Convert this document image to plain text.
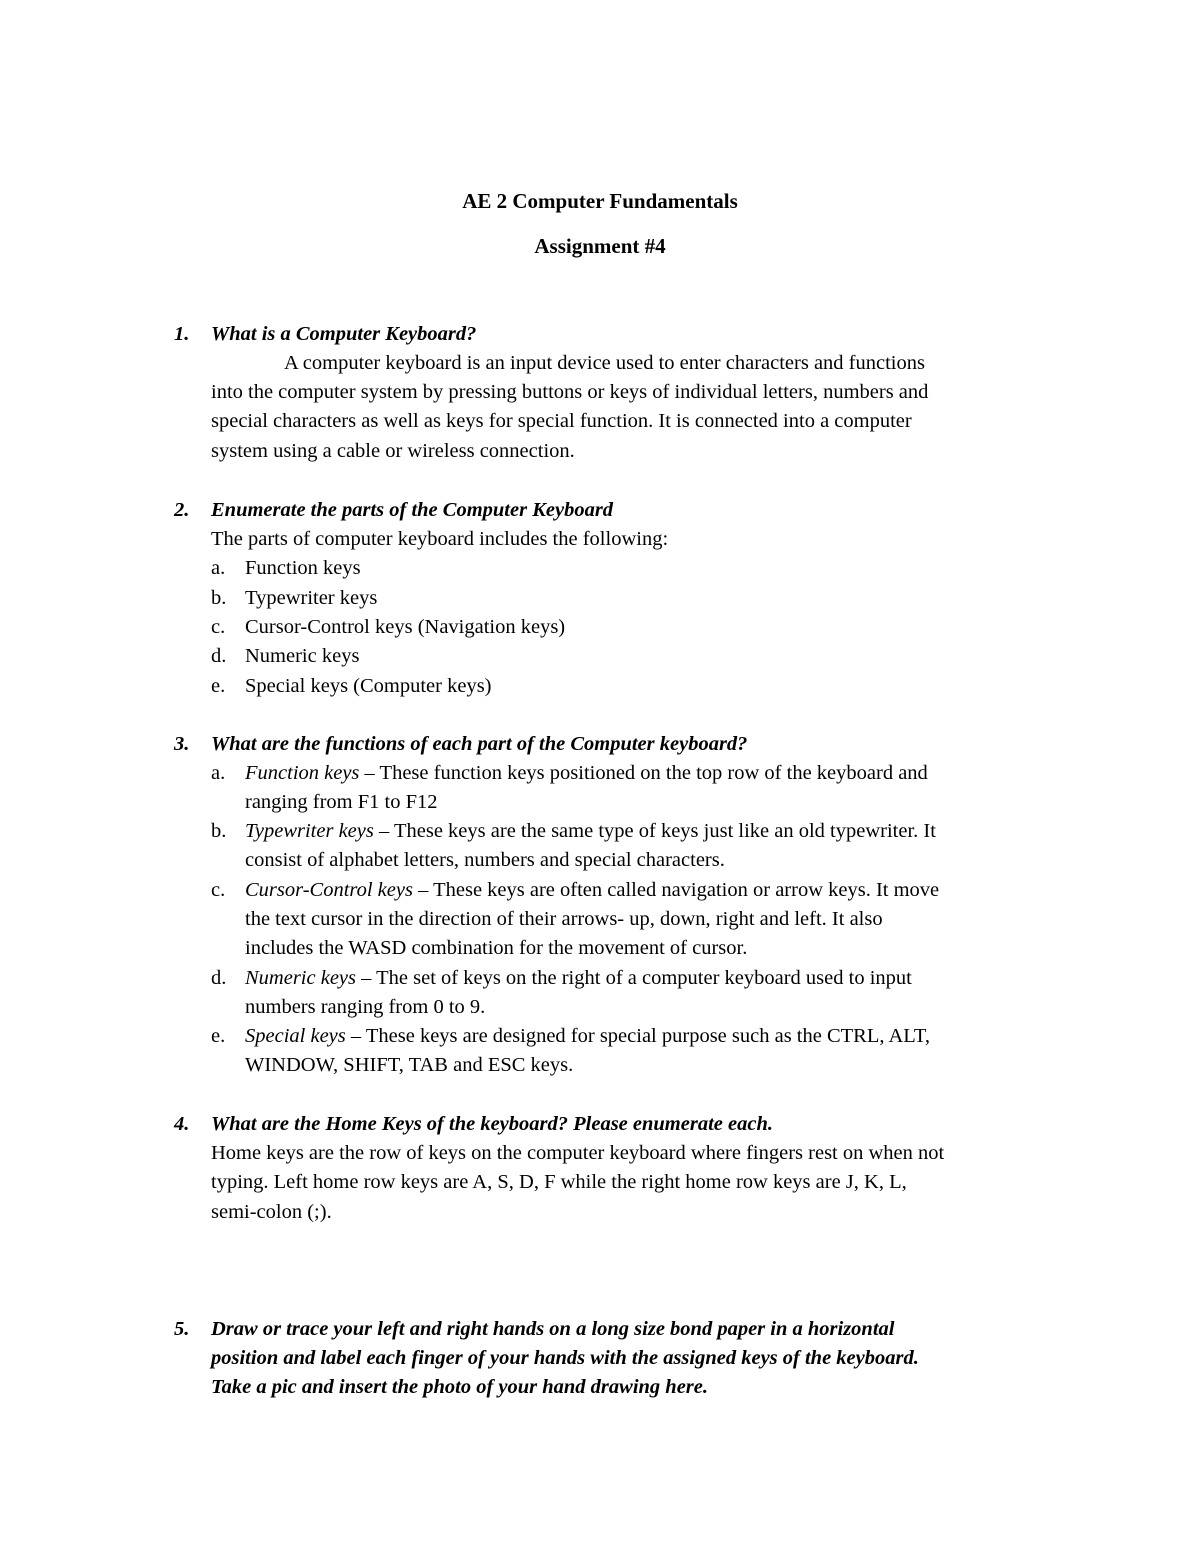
AE 2 Computer Fundamentals
Assignment #4
1. What is a Computer Keyboard?
A computer keyboard is an input device used to enter characters and functions
into the computer system by pressing buttons or keys of individual letters, numbers and
special characters as well as keys for special function. It is connected into a computer
system using a cable or wireless connection.
2. Enumerate the parts of the Computer Keyboard
The parts of computer keyboard includes the following:
a. Function keys
b. Typewriter keys
c. Cursor-Control keys (Navigation keys)
d. Numeric keys
e. Special keys (Computer keys)
3. What are the functions of each part of the Computer keyboard?
a. Function keys – These function keys positioned on the top row of the keyboard and
ranging from F1 to F12
b. Typewriter keys – These keys are the same type of keys just like an old typewriter. It
consist of alphabet letters, numbers and special characters.
c. Cursor-Control keys – These keys are often called navigation or arrow keys. It move
the text cursor in the direction of their arrows- up, down, right and left. It also
includes the WASD combination for the movement of cursor.
d. Numeric keys – The set of keys on the right of a computer keyboard used to input
numbers ranging from 0 to 9.
e. Special keys – These keys are designed for special purpose such as the CTRL, ALT,
WINDOW, SHIFT, TAB and ESC keys.
4. What are the Home Keys of the keyboard? Please enumerate each.
Home keys are the row of keys on the computer keyboard where fingers rest on when not
typing. Left home row keys are A, S, D, F while the right home row keys are J, K, L,
semi-colon (;).
5. Draw or trace your left and right hands on a long size bond paper in a horizontal
position and label each finger of your hands with the assigned keys of the keyboard.
Take a pic and insert the photo of your hand drawing here.
